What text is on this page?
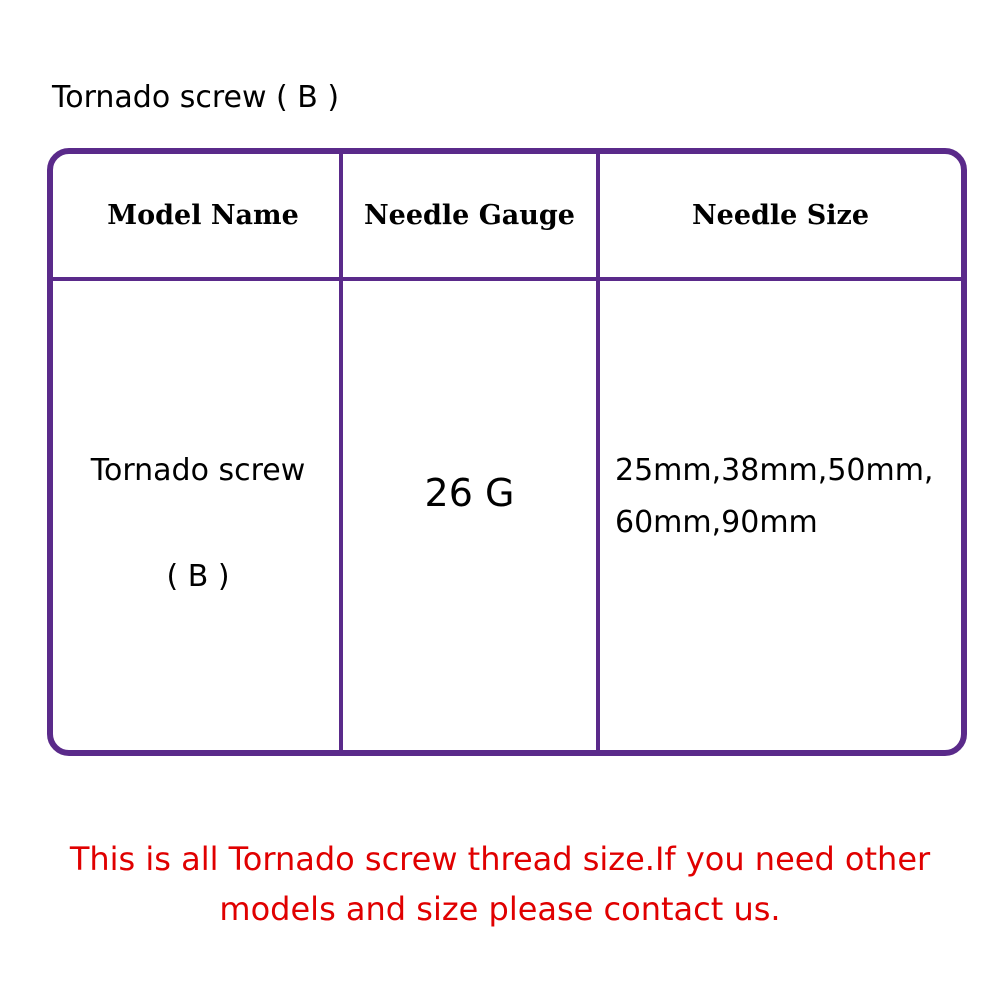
Tornado screw ( B )
Model Name	Needle Gauge	Needle Size
Tornado screw
( B )
26 G
25mm,38mm,50mm,
60mm,90mm
This is all Tornado screw thread size.If you need other
models and size please contact us.
